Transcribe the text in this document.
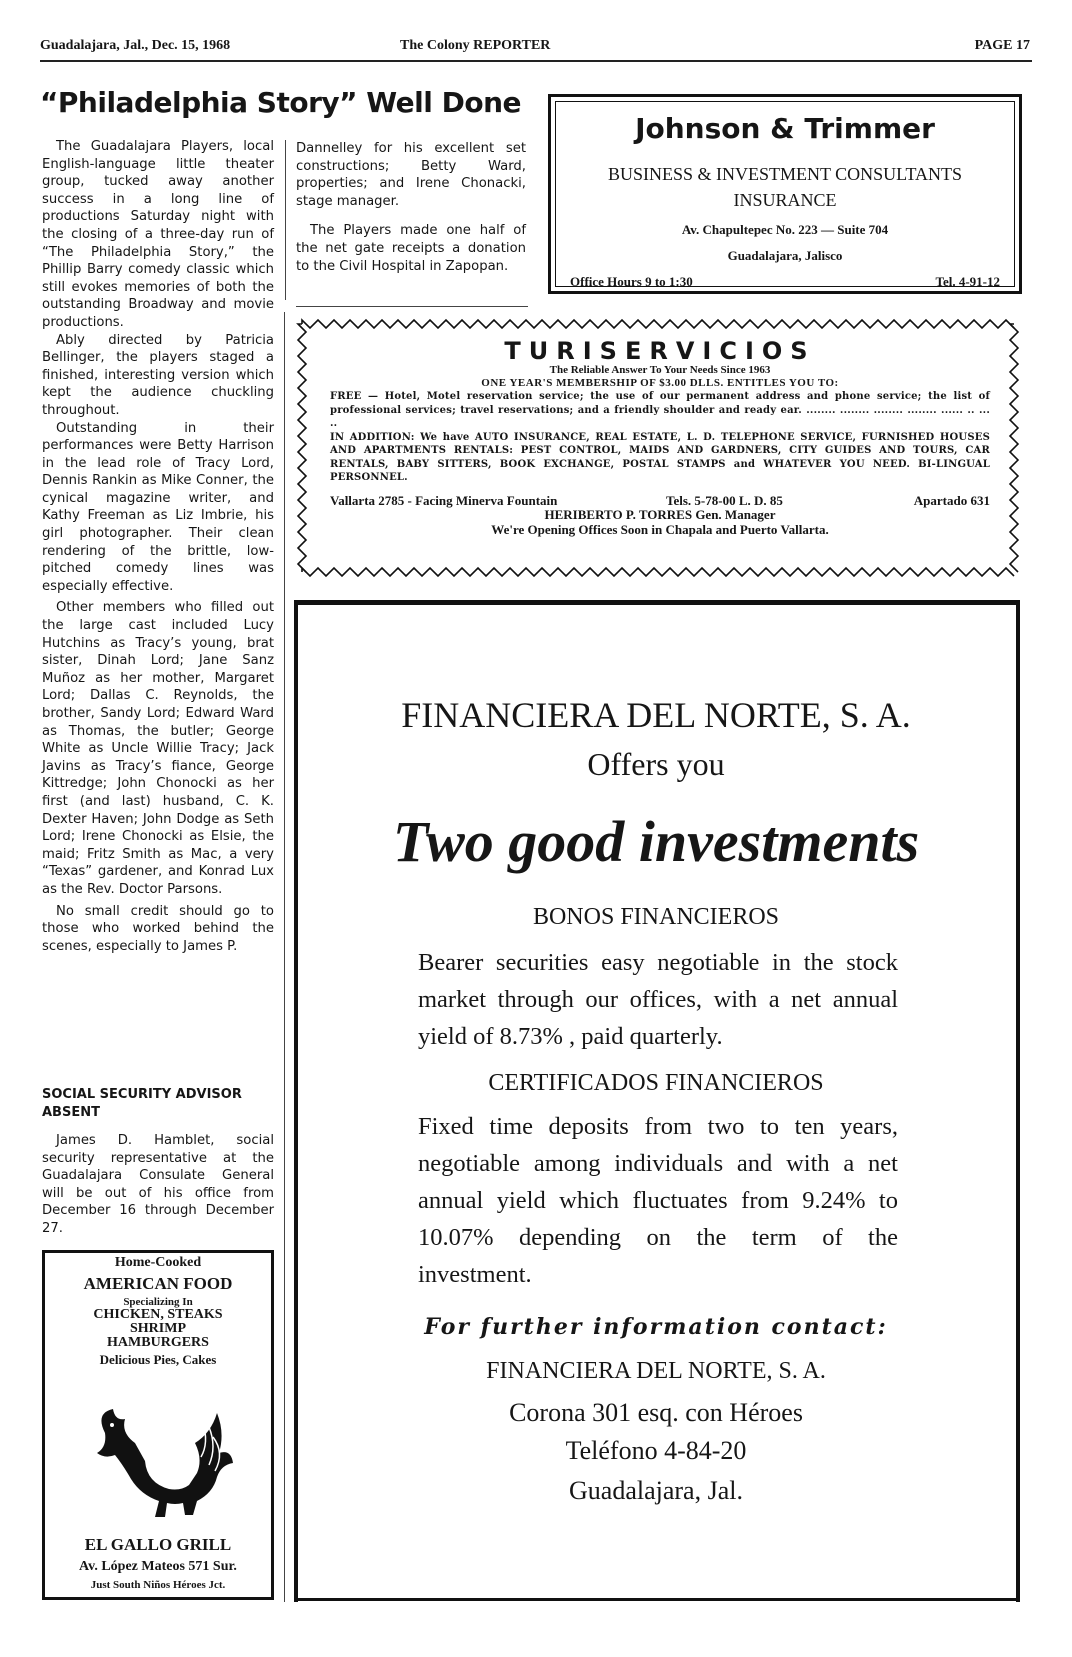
Guadalajara, Jal., Dec. 15, 1968	The Colony REPORTER	PAGE 17
“Philadelphia Story” Well Done

The Guadalajara Players, local English-language little theater group, tucked away another success in a long line of productions Saturday night with the closing of a three-day run of “The Philadelphia Story,” the Phillip Barry comedy classic which still evokes memories of both the outstanding Broadway and movie productions.

Ably directed by Patricia Bellinger, the players staged a finished, interesting version which kept the audience chuckling throughout.

Outstanding in their performances were Betty Harrison in the lead role of Tracy Lord, Dennis Rankin as Mike Conner, the cynical magazine writer, and Kathy Freeman as Liz Imbrie, his girl photographer. Their clean rendering of the brittle, low-pitched comedy lines was especially effective.

Other members who filled out the large cast included Lucy Hutchins as Tracy’s young, brat sister, Dinah Lord; Jane Sanz Muñoz as her mother, Margaret Lord; Dallas C. Reynolds, the brother, Sandy Lord; Edward Ward as Thomas, the butler; George White as Uncle Willie Tracy; Jack Javins as Tracy’s fiance, George Kittredge; John Chonocki as her first (and last) husband, C. K. Dexter Haven; John Dodge as Seth Lord; Irene Chonocki as Elsie, the maid; Fritz Smith as Mac, a very “Texas” gardener, and Konrad Lux as the Rev. Doctor Parsons.

No small credit should go to those who worked behind the scenes, especially to James P.

Dannelley for his excellent set constructions; Betty Ward, properties; and Irene Chonacki, stage manager.

The Players made one half of the net gate receipts a donation to the Civil Hospital in Zapopan.

SOCIAL SECURITY ADVISOR ABSENT

James D. Hamblet, social security representative at the Guadalajara Consulate General will be out of his office from December 16 through December 27.

Home-Cooked
AMERICAN FOOD
Specializing In
CHICKEN, STEAKS
SHRIMP
HAMBURGERS
Delicious Pies, Cakes
EL GALLO GRILL
Av. López Mateos 571 Sur.
Just South Niños Héroes Jct.
Johnson & Trimmer
BUSINESS & INVESTMENT CONSULTANTS
INSURANCE
Av. Chapultepec No. 223 — Suite 704
Guadalajara, Jalisco
Office Hours 9 to 1:30	Tel. 4-91-12
TURISERVICIOS
The Reliable Answer To Your Needs Since 1963
ONE YEAR'S MEMBERSHIP OF $3.00 DLLS. ENTITLES YOU TO:
FREE — Hotel, Motel reservation service; the use of our permanent address and phone service; the list of professional services; travel reservations; and a friendly shoulder and ready ear. ........ ........ ........ ........ ...... .. ... ..
IN ADDITION: We have AUTO INSURANCE, REAL ESTATE, L. D. TELEPHONE SERVICE, FURNISHED HOUSES AND APARTMENTS RENTALS: PEST CONTROL, MAIDS AND GARDNERS, CITY GUIDES AND TOURS, CAR RENTALS, BABY SITTERS, BOOK EXCHANGE, POSTAL STAMPS and WHATEVER YOU NEED. BI-LINGUAL PERSONNEL.
Vallarta 2785 - Facing Minerva Fountain	Tels. 5-78-00 L. D. 85	Apartado 631
HERIBERTO P. TORRES Gen. Manager
We're Opening Offices Soon in Chapala and Puerto Vallarta.
FINANCIERA DEL NORTE, S. A.
Offers you
Two good investments
BONOS FINANCIEROS
Bearer securities easy negotiable in the stock market through our offices, with a net annual yield of 8.73% , paid quarterly.
CERTIFICADOS FINANCIEROS
Fixed time deposits from two to ten years, negotiable among individuals and with a net annual yield which fluctuates from 9.24% to 10.07% depending on the term of the investment.
For further information contact:
FINANCIERA DEL NORTE, S. A.
Corona 301 esq. con Héroes
Teléfono 4-84-20
Guadalajara, Jal.
